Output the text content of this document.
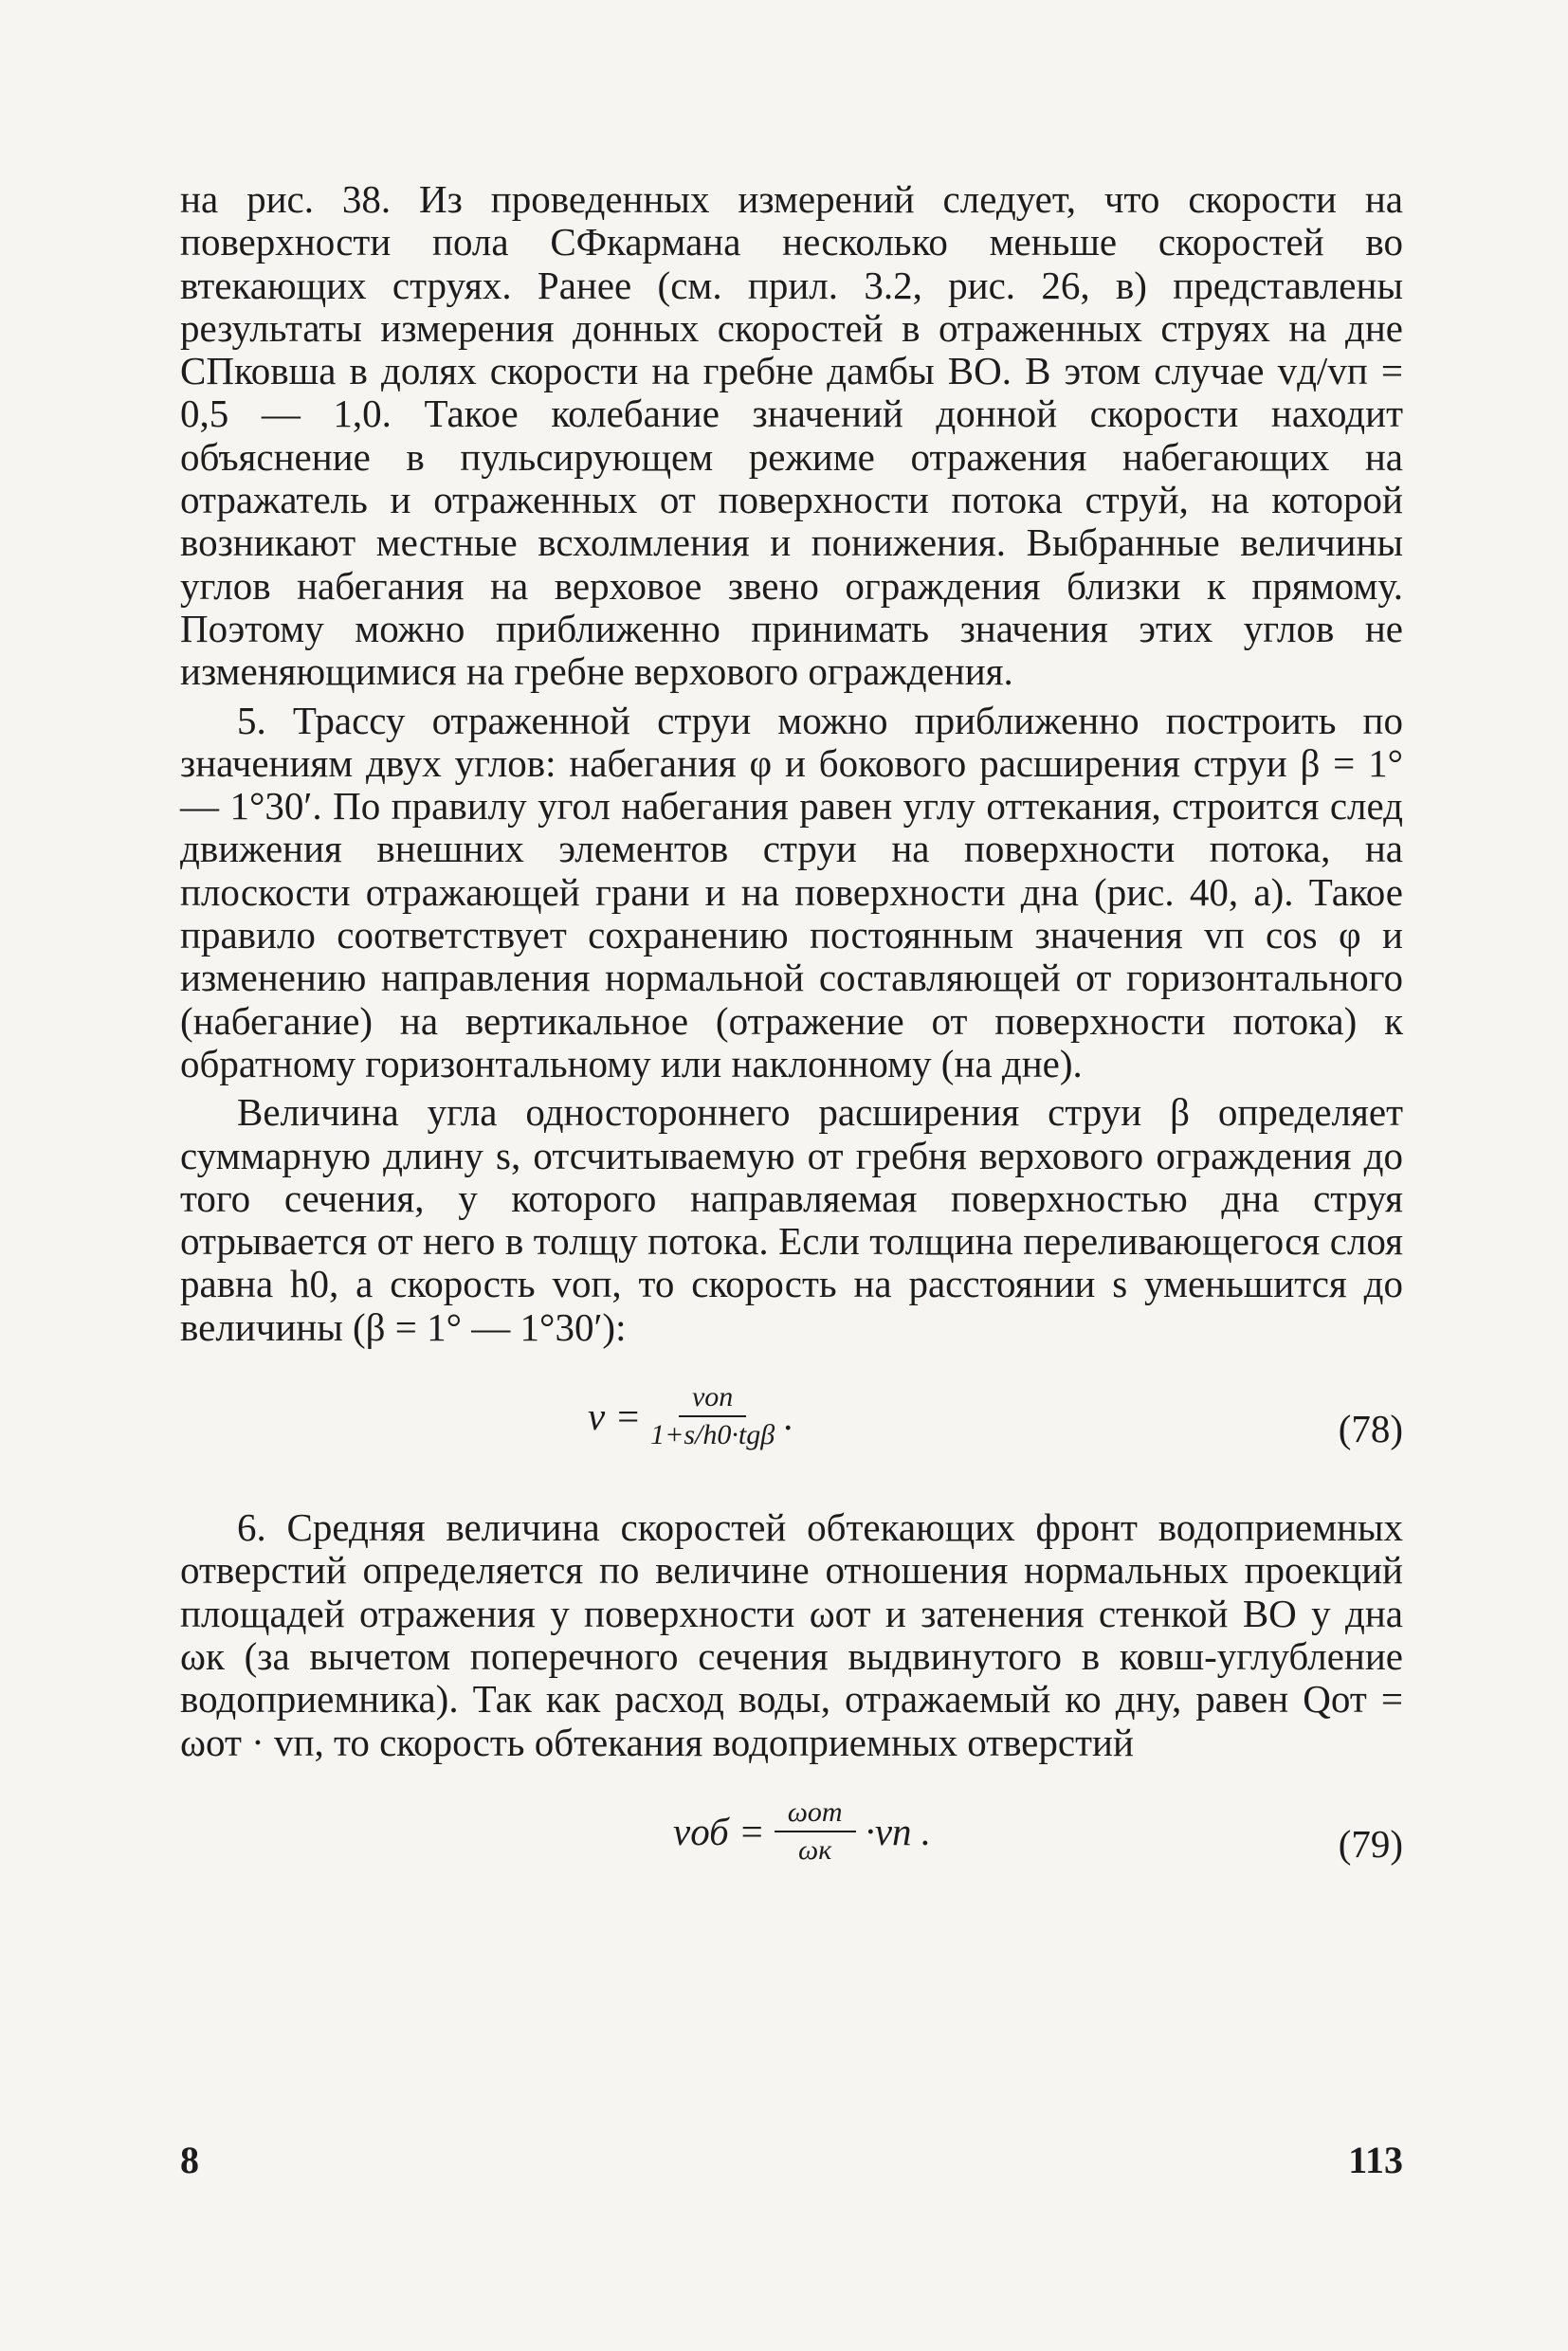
на рис. 38. Из проведенных измерений следует, что скорости на поверхности пола СФкармана несколько меньше скоростей во втекающих струях. Ранее (см. прил. 3.2, рис. 26, в) представлены результаты измерения донных скоростей в отраженных струях на дне СПковша в долях скорости на гребне дамбы ВО. В этом случае vд/vп = 0,5 — 1,0. Такое колебание значений донной скорости находит объяснение в пульсирующем режиме отражения набегающих на отражатель и отраженных от поверхности потока струй, на которой возникают местные всхолмления и понижения. Выбранные величины углов набегания на верховое звено ограждения близки к прямому. Поэтому можно приближенно принимать значения этих углов не изменяющимися на гребне верхового ограждения.

5. Трассу отраженной струи можно приближенно построить по значениям двух углов: набегания φ и бокового расширения струи β = 1° — 1°30′. По правилу угол набегания равен углу оттекания, строится след движения внешних элементов струи на поверхности потока, на плоскости отражающей грани и на поверхности дна (рис. 40, а). Такое правило соответствует сохранению постоянным значения vп cos φ и изменению направления нормальной составляющей от горизонтального (набегание) на вертикальное (отражение от поверхности потока) к обратному горизонтальному или наклонному (на дне).

Величина угла одностороннего расширения струи β определяет суммарную длину s, отсчитываемую от гребня верхового ограждения до того сечения, у которого направляемая поверхностью дна струя отрывается от него в толщу потока. Если толщина переливающегося слоя равна h0, а скорость vоп, то скорость на расстоянии s уменьшится до величины (β = 1° — 1°30′):

$v = \frac{\text{vоп}}{\text{1+s/h0·tgβ}}$ .	(78)

6. Средняя величина скоростей обтекающих фронт водоприемных отверстий определяется по величине отношения нормальных проекций площадей отражения у поверхности ωот и затенения стенкой ВО у дна ωк (за вычетом поперечного сечения выдвинутого в ковш-углубление водоприемника). Так как расход воды, отражаемый ко дну, равен Qот = ωот · vп, то скорость обтекания водоприемных отверстий

vоб = $\frac{\text{ωот}}{\omega к} \cdot vп$ .	(79)
8	113
